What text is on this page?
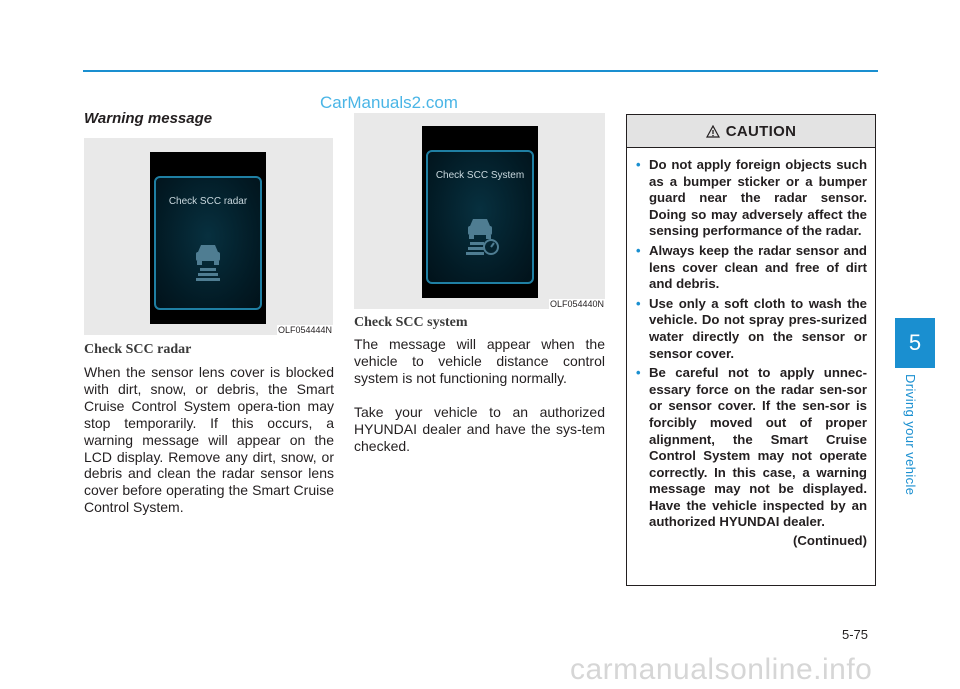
CarManuals2.com
Warning message
Check SCC radar
OLF054444N
Check SCC System
OLF054440N
Check SCC radar
When the sensor lens cover is blocked with dirt, snow, or debris, the Smart Cruise Control System opera-tion may stop temporarily. If this occurs, a warning message will appear on the LCD display. Remove any dirt, snow, or debris and clean the radar sensor lens cover before operating the Smart Cruise Control System.
Check SCC system
The message will appear when the vehicle to vehicle distance control system is not functioning normally.
Take your vehicle to an authorized HYUNDAI dealer and have the sys-tem checked.
CAUTION
• Do not apply foreign objects such as a bumper sticker or a bumper guard near the radar sensor. Doing so may adversely affect the sensing performance of the radar.
• Always keep the radar sensor and lens cover clean and free of dirt and debris.
• Use only a soft cloth to wash the vehicle. Do not spray pres-surized water directly on the sensor or sensor cover.
• Be careful not to apply unnec-essary force on the radar sen-sor or sensor cover. If the sen-sor is forcibly moved out of proper alignment, the Smart Cruise Control System may not operate correctly. In this case, a warning message may not be displayed. Have the vehicle inspected by an authorized HYUNDAI dealer.
(Continued)
5
Driving your vehicle
5-75
carmanualsonline.info
